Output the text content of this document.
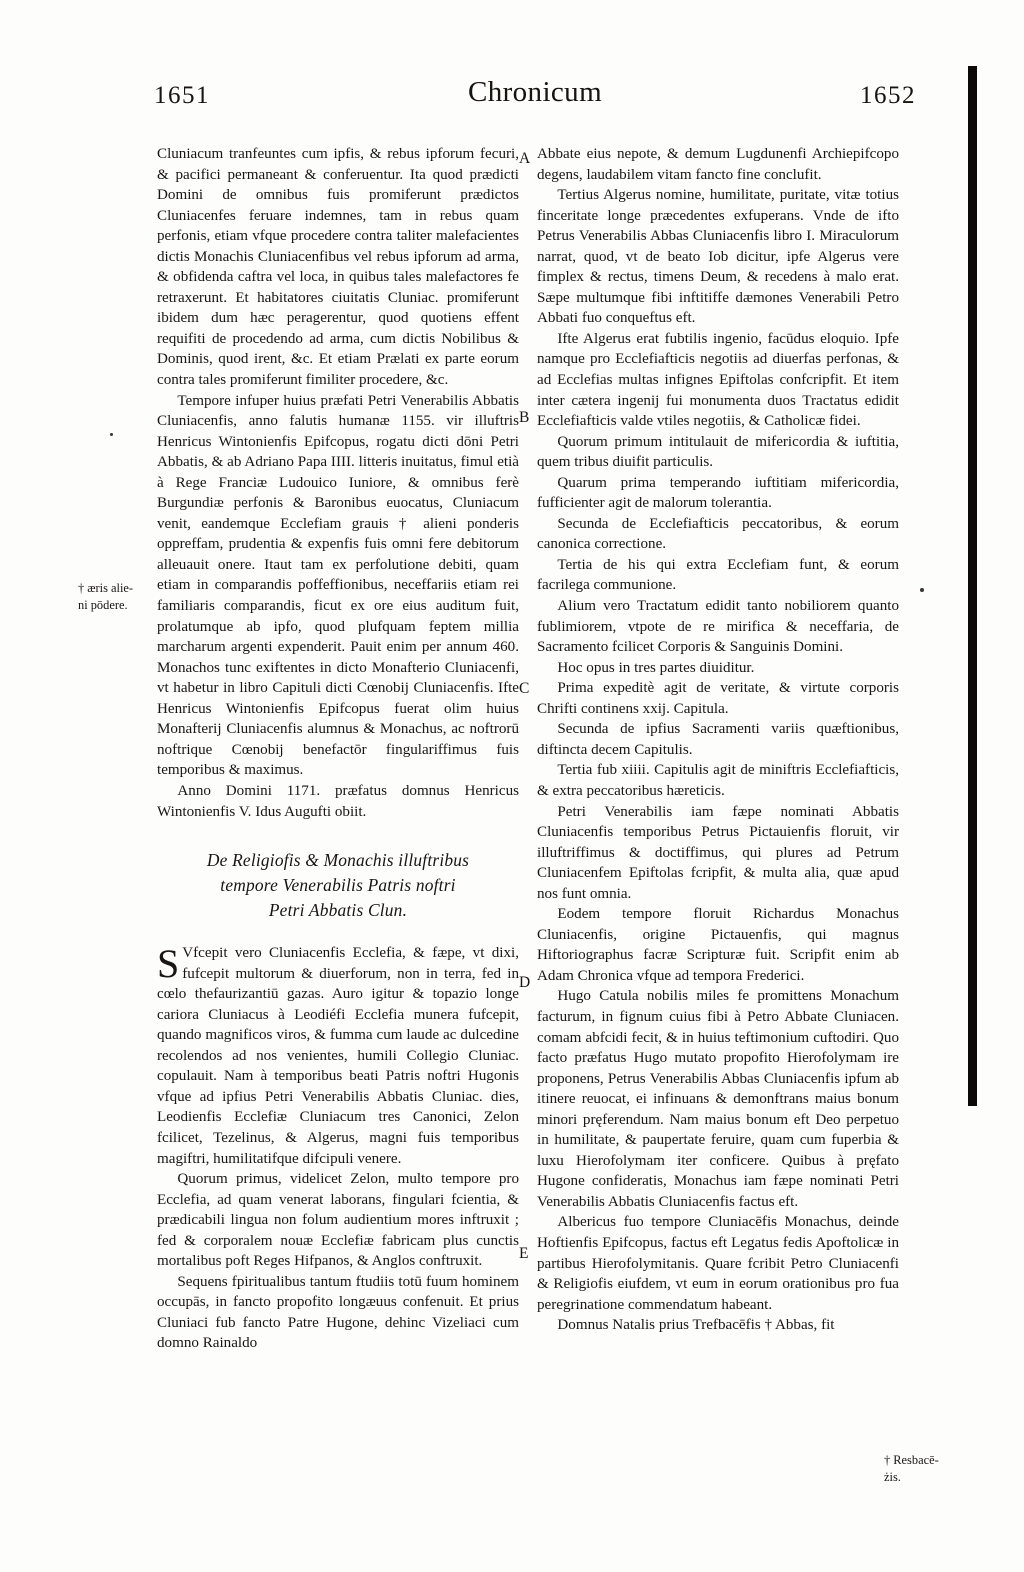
1651	Chronicum	1652
A
B
C
D
E

Cluniacum tranfeuntes cum ipfis, & rebus ipforum fecuri, & pacifici permaneant & conferuentur. Ita quod prædicti Domini de omnibus fuis promiferunt prædictos Cluniacenfes feruare indemnes, tam in rebus quam perfonis, etiam vfque procedere contra taliter malefacientes dictis Monachis Cluniacenfibus vel rebus ipforum ad arma, & obfidenda caftra vel loca, in quibus tales malefactores fe retraxerunt. Et habitatores ciuitatis Cluniac. promiferunt ibidem dum hæc peragerentur, quod quotiens effent requifiti de procedendo ad arma, cum dictis Nobilibus & Dominis, quod irent, &c. Et etiam Prælati ex parte eorum contra tales promiferunt fimiliter procedere, &c.

Tempore infuper huius præfati Petri Venerabilis Abbatis Cluniacenfis, anno falutis humanæ 1155. vir illuftris Henricus Wintonienfis Epifcopus, rogatu dicti dōni Petri Abbatis, & ab Adriano Papa IIII. litteris inuitatus, fimul etià à Rege Franciæ Ludouico Iuniore, & omnibus ferè Burgundiæ perfonis & Baronibus euocatus, Cluniacum venit, eandemque Ecclefiam grauis † alieni ponderis oppreffam, prudentia & expenfis fuis omni fere debitorum alleuauit onere. Itaut tam ex perfolutione debiti, quam etiam in comparandis poffeffionibus, neceffariis etiam rei familiaris comparandis, ficut ex ore eius auditum fuit, prolatumque ab ipfo, quod plufquam feptem millia marcharum argenti expenderit. Pauit enim per annum 460. Monachos tunc exiftentes in dicto Monafterio Cluniacenfi, vt habetur in libro Capituli dicti Cœnobij Cluniacenfis. Ifte Henricus Wintonienfis Epifcopus fuerat olim huius Monafterij Cluniacenfis alumnus & Monachus, ac noftrorū noftrique Cœnobij benefactōr fingulariffimus fuis temporibus & maximus.

Anno Domini 1171. præfatus domnus Henricus Wintonienfis V. Idus Augufti obiit.

De Religiofis & Monachis illuftribus
tempore Venerabilis Patris noftri
Petri Abbatis Clun.

S Vfcepit vero Cluniacenfis Ecclefia, & fæpe, vt dixi, fufcepit multorum & diuerforum, non in terra, fed in cœlo thefaurizantiū gazas. Auro igitur & topazio longe cariora Cluniacus à Leodiéfi Ecclefia munera fufcepit, quando magnificos viros, & fumma cum laude ac dulcedine recolendos ad nos venientes, humili Collegio Cluniac. copulauit. Nam à temporibus beati Patris noftri Hugonis vfque ad ipfius Petri Venerabilis Abbatis Cluniac. dies, Leodienfis Ecclefiæ Cluniacum tres Canonici, Zelon fcilicet, Tezelinus, & Algerus, magni fuis temporibus magiftri, humilitatifque difcipuli venere.

Quorum primus, videlicet Zelon, multo tempore pro Ecclefia, ad quam venerat laborans, fingulari fcientia, & prædicabili lingua non folum audientium mores inftruxit ; fed & corporalem nouæ Ecclefiæ fabricam plus cunctis mortalibus poft Reges Hifpanos, & Anglos conftruxit.

Sequens fpiritualibus tantum ftudiis totū fuum hominem occupās, in fancto propofito longæuus confenuit. Et prius Cluniaci fub fancto Patre Hugone, dehinc Vizeliaci cum domno Rainaldo

Abbate eius nepote, & demum Lugdunenfi Archiepifcopo degens, laudabilem vitam fancto fine conclufit.

Tertius Algerus nomine, humilitate, puritate, vitæ totius finceritate longe præcedentes exfuperans. Vnde de ifto Petrus Venerabilis Abbas Cluniacenfis libro I. Miraculorum narrat, quod, vt de beato Iob dicitur, ipfe Algerus vere fimplex & rectus, timens Deum, & recedens à malo erat. Sæpe multumque fibi inftitiffe dæmones Venerabili Petro Abbati fuo conqueftus eft.

Ifte Algerus erat fubtilis ingenio, facūdus eloquio. Ipfe namque pro Ecclefiafticis negotiis ad diuerfas perfonas, & ad Ecclefias multas infignes Epiftolas confcripfit. Et item inter cætera ingenij fui monumenta duos Tractatus edidit Ecclefiafticis valde vtiles negotiis, & Catholicæ fidei.

Quorum primum intitulauit de mifericordia & iuftitia, quem tribus diuifit particulis.

Quarum prima temperando iuftitiam mifericordia, fufficienter agit de malorum tolerantia.

Secunda de Ecclefiafticis peccatoribus, & eorum canonica correctione.

Tertia de his qui extra Ecclefiam funt, & eorum facrilega communione.

Alium vero Tractatum edidit tanto nobiliorem quanto fublimiorem, vtpote de re mirifica & neceffaria, de Sacramento fcilicet Corporis & Sanguinis Domini.

Hoc opus in tres partes diuiditur.

Prima expeditè agit de veritate, & virtute corporis Chrifti continens xxij. Capitula.

Secunda de ipfius Sacramenti variis quæftionibus, diftincta decem Capitulis.

Tertia fub xiiii. Capitulis agit de miniftris Ecclefiafticis, & extra peccatoribus hæreticis.

Petri Venerabilis iam fæpe nominati Abbatis Cluniacenfis temporibus Petrus Pictauienfis floruit, vir illuftriffimus & doctiffimus, qui plures ad Petrum Cluniacenfem Epiftolas fcripfit, & multa alia, quæ apud nos funt omnia.

Eodem tempore floruit Richardus Monachus Cluniacenfis, origine Pictauenfis, qui magnus Hiftoriographus facræ Scripturæ fuit. Scripfit enim ab Adam Chronica vfque ad tempora Frederici.

Hugo Catula nobilis miles fe promittens Monachum facturum, in fignum cuius fibi à Petro Abbate Cluniacen. comam abfcidi fecit, & in huius teftimonium cuftodiri. Quo facto præfatus Hugo mutato propofito Hierofolymam ire proponens, Petrus Venerabilis Abbas Cluniacenfis ipfum ab itinere reuocat, ei infinuans & demonftrans maius bonum minori pręferendum. Nam maius bonum eft Deo perpetuo in humilitate, & paupertate feruire, quam cum fuperbia & luxu Hierofolymam iter conficere. Quibus à pręfato Hugone confideratis, Monachus iam fæpe nominati Petri Venerabilis Abbatis Cluniacenfis factus eft.

Albericus fuo tempore Cluniacēfis Monachus, deinde Hoftienfis Epifcopus, factus eft Legatus fedis Apoftolicæ in partibus Hierofolymitanis. Quare fcribit Petro Cluniacenfi & Religiofis eiufdem, vt eum in eorum orationibus pro fua peregrinatione commendatum habeant.

Domnus Natalis prius Trefbacēfis † Abbas, fit

† æris alie-
ni pōdere.
† Resbacē-
żis.
